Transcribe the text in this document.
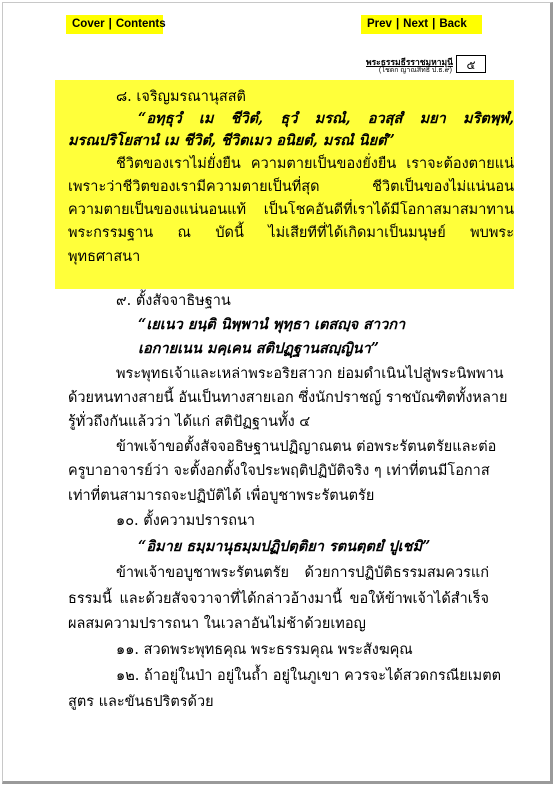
Cover | Contents	Prev | Next | Back
พระธรรมธีรราชมหามุนี
(โชดก ญาณสิทธิ์ ป.ธ.๙)	๕
๘. เจริญมรณานุสสติ
“อทฺธุวํ เม ชีวิตํ, ธุวํ มรณํ, อวสฺสํ มยา มริตพฺพํ,
มรณปริโยสานํ เม ชีวิตํ, ชีวิตเมว อนิยตํ, มรณํ นิยตํ”
ชีวิตของเราไม่ยั่งยืน ความตายเป็นของยั่งยืน เราจะต้องตายแน่
เพราะว่าชีวิตของเรามีความตายเป็นที่สุด ชีวิตเป็นของไม่แน่นอน
ความตายเป็นของแน่นอนแท้ เป็นโชคอันดีที่เราได้มีโอกาสมาสมาทาน
พระกรรมฐาน ณ บัดนี้ ไม่เสียทีที่ได้เกิดมาเป็นมนุษย์ พบพระ
พุทธศาสนา
๙. ตั้งสัจจาธิษฐาน
“เยเนว ยนฺติ นิพฺพานํ พุทฺธา เตสญฺจ สาวกา
เอกายเนน มคฺเคน สติปฏฺฐานสญฺญินา”
พระพุทธเจ้าและเหล่าพระอริยสาวก ย่อมดำเนินไปสู่พระนิพพาน
ด้วยหนทางสายนี้ อันเป็นทางสายเอก ซึ่งนักปราชญ์ ราชบัณฑิตทั้งหลาย
รู้ทั่วถึงกันแล้วว่า ได้แก่ สติปัฏฐานทั้ง ๔
ข้าพเจ้าขอตั้งสัจจอธิษฐานปฏิญาณตน ต่อพระรัตนตรัยและต่อ
ครูบาอาจารย์ว่า จะตั้งอกตั้งใจประพฤติปฏิบัติจริง ๆ เท่าที่ตนมีโอกาส
เท่าที่ตนสามารถจะปฏิบัติได้ เพื่อบูชาพระรัตนตรัย
๑๐. ตั้งความปรารถนา
“อิมาย ธมฺมานุธมฺมปฏิปตฺติยา รตนตฺตยํ ปูเชมิ”
ข้าพเจ้าขอบูชาพระรัตนตรัย ด้วยการปฏิบัติธรรมสมควรแก่
ธรรมนี้ และด้วยสัจจวาจาที่ได้กล่าวอ้างมานี้ ขอให้ข้าพเจ้าได้สำเร็จ
ผลสมความปรารถนา ในเวลาอันไม่ช้าด้วยเทอญ
๑๑. สวดพระพุทธคุณ พระธรรมคุณ พระสังฆคุณ
๑๒. ถ้าอยู่ในป่า อยู่ในถ้ำ อยู่ในภูเขา ควรจะได้สวดกรณียเมตต
สูตร และขันธปริตรด้วย
